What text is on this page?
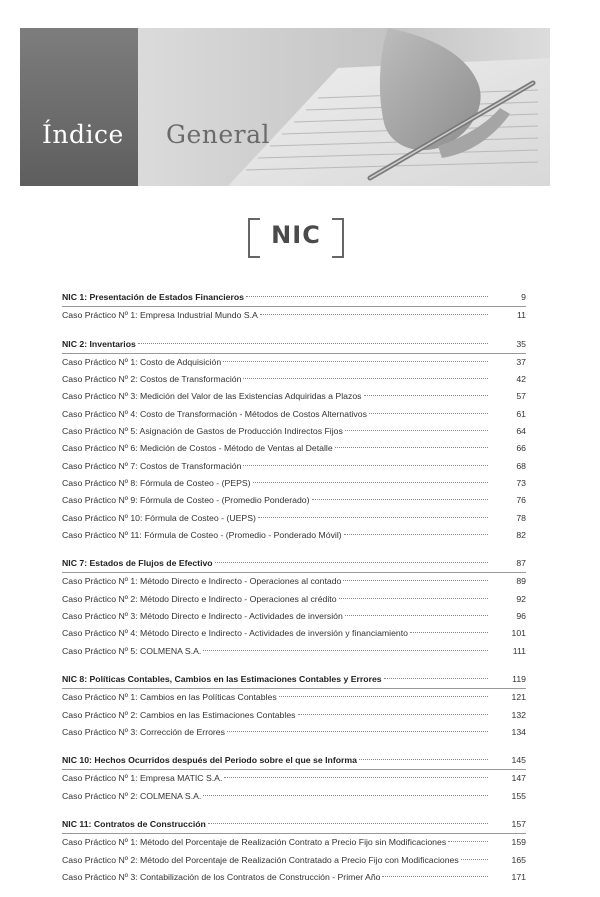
Índice General
NIC
NIC 1: Presentación de Estados Financieros	9
Caso Práctico Nº 1: Empresa Industrial Mundo S.A	11
NIC 2: Inventarios	35
Caso Práctico Nº 1: Costo de Adquisición	37
Caso Práctico Nº 2: Costos de Transformación	42
Caso Práctico Nº 3: Medición del Valor de las Existencias Adquiridas a Plazos	57
Caso Práctico Nº 4: Costo de Transformación - Métodos de Costos Alternativos	61
Caso Práctico Nº 5: Asignación de Gastos de Producción Indirectos Fijos	64
Caso Práctico Nº 6: Medición de Costos - Método de Ventas al Detalle	66
Caso Práctico Nº 7: Costos de Transformación	68
Caso Práctico Nº 8: Fórmula de Costeo - (PEPS)	73
Caso Práctico Nº 9: Fórmula de Costeo - (Promedio Ponderado)	76
Caso Práctico Nº 10: Fórmula de Costeo - (UEPS)	78
Caso Práctico Nº 11: Fórmula de Costeo - (Promedio - Ponderado Móvil)	82
NIC 7: Estados de Flujos de Efectivo	87
Caso Práctico Nº 1: Método Directo e Indirecto - Operaciones al contado	89
Caso Práctico Nº 2: Método Directo e Indirecto - Operaciones al crédito	92
Caso Práctico Nº 3: Método Directo e Indirecto - Actividades de inversión	96
Caso Práctico Nº 4: Método Directo e Indirecto - Actividades de inversión y financiamiento	101
Caso Práctico Nº 5: COLMENA S.A.	111
NIC 8: Políticas Contables, Cambios en las Estimaciones Contables y Errores	119
Caso Práctico Nº 1: Cambios en las Políticas Contables	121
Caso Práctico Nº 2: Cambios en las Estimaciones Contables	132
Caso Práctico Nº 3: Corrección de Errores	134
NIC 10: Hechos Ocurridos después del Periodo sobre el que se Informa	145
Caso Práctico Nº 1: Empresa MATIC S.A.	147
Caso Práctico Nº 2: COLMENA S.A.	155
NIC 11: Contratos de Construcción	157
Caso Práctico Nº 1: Método del Porcentaje de Realización Contrato a Precio Fijo sin Modificaciones	159
Caso Práctico Nº 2: Método del Porcentaje de Realización Contratado a Precio Fijo con Modificaciones	165
Caso Práctico Nº 3: Contabilización de los Contratos de Construcción - Primer Año	171
